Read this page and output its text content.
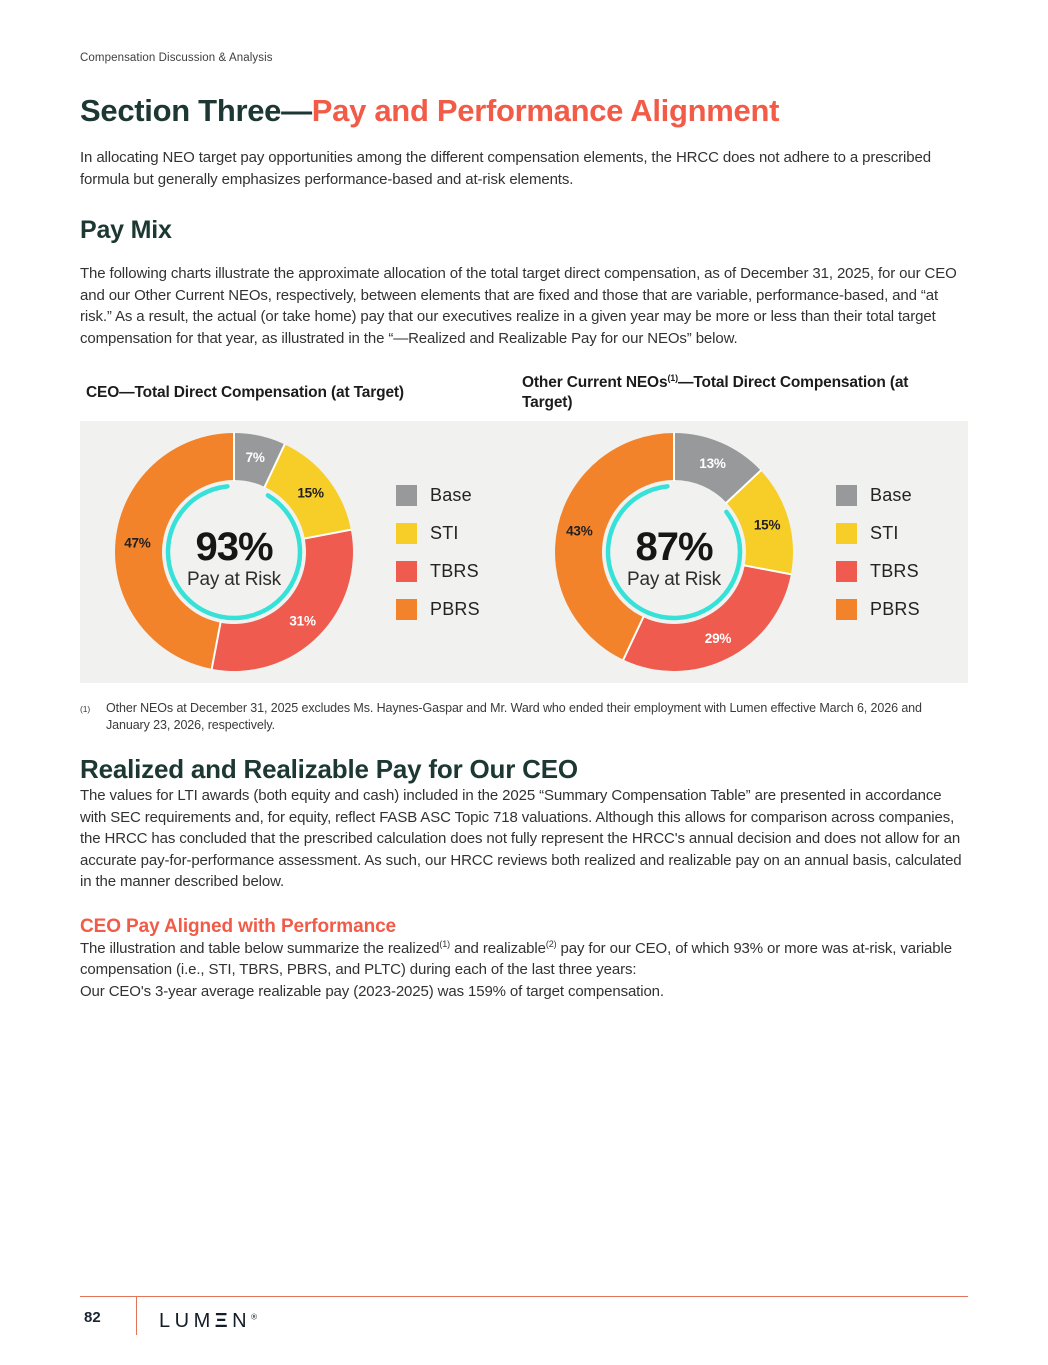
Compensation Discussion & Analysis
Section Three—Pay and Performance Alignment

In allocating NEO target pay opportunities among the different compensation elements, the HRCC does not adhere to a prescribed formula but generally emphasizes performance-based and at-risk elements.

Pay Mix

The following charts illustrate the approximate allocation of the total target direct compensation, as of December 31, 2025, for our CEO and our Other Current NEOs, respectively, between elements that are fixed and those that are variable, performance-based, and “at risk.” As a result, the actual (or take home) pay that our executives realize in a given year may be more or less than their total target compensation for that year, as illustrated in the “—Realized and Realizable Pay for our NEOs” below.

CEO—Total Direct Compensation (at Target)
Other Current NEOs$^{(1)}$—Total Direct Compensation (at Target)
7%
15%
31%
47% 93%
Pay at Risk
Base
STI
TBRS
PBRS
13%
15%
29%
43% 87%
Pay at Risk
Base
STI
TBRS
PBRS
(1)	Other NEOs at December 31, 2025 excludes Ms. Haynes-Gaspar and Mr. Ward who ended their employment with Lumen effective March 6, 2026 and January 23, 2026, respectively.
Realized and Realizable Pay for Our CEO

The values for LTI awards (both equity and cash) included in the 2025 “Summary Compensation Table” are presented in accordance with SEC requirements and, for equity, reflect FASB ASC Topic 718 valuations. Although this allows for comparison across companies, the HRCC has concluded that the prescribed calculation does not fully represent the HRCC's annual decision and does not allow for an accurate pay-for-performance assessment. As such, our HRCC reviews both realized and realizable pay on an annual basis, calculated in the manner described below.

CEO Pay Aligned with Performance

The illustration and table below summarize the realized$^{(1)}$ and realizable$^{(2)}$ pay for our CEO, of which 93% or more was at-risk, variable compensation (i.e., STI, TBRS, PBRS, and PLTC) during each of the last three years:

Our CEO's 3-year average realizable pay (2023-2025) was 159% of target compensation.

82	LUMΞN®
